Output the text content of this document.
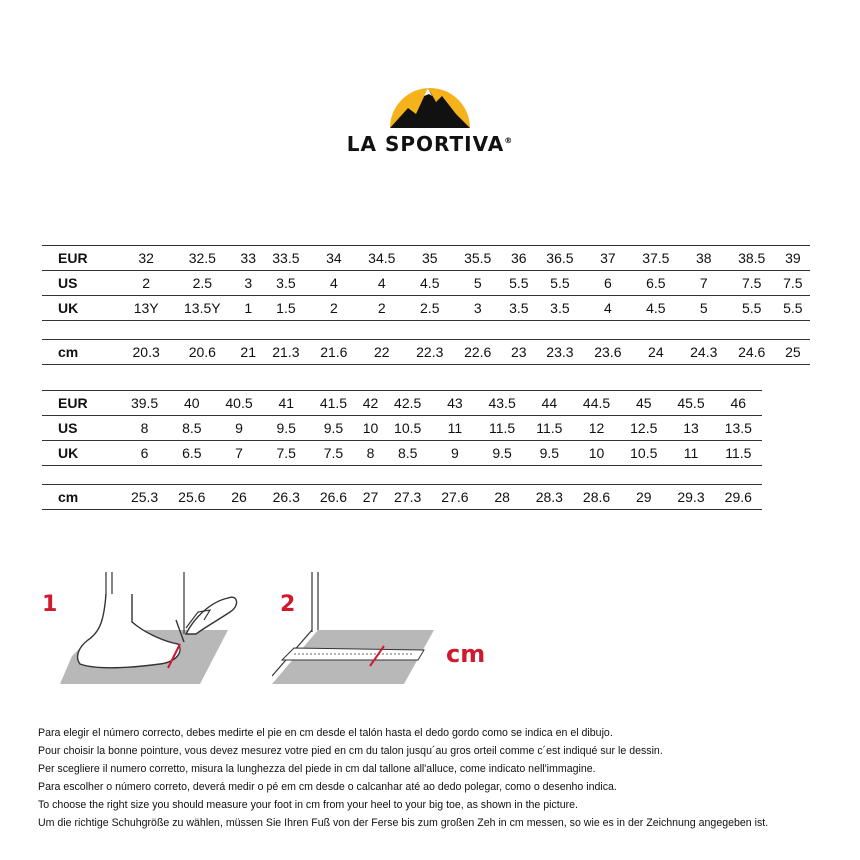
LA SPORTIVA®
EUR	32	32.5	33	33.5	34	34.5	35	35.5	36	36.5	37	37.5	38	38.5	39
US	2	2.5	3	3.5	4	4	4.5	5	5.5	5.5	6	6.5	7	7.5	7.5
UK	13Y	13.5Y	1	1.5	2	2	2.5	3	3.5	3.5	4	4.5	5	5.5	5.5

cm	20.3	20.6	21	21.3	21.6	22	22.3	22.6	23	23.3	23.6	24	24.3	24.6	25
EUR	39.5	40	40.5	41	41.5	42	42.5	43	43.5	44	44.5	45	45.5	46
US	8	8.5	9	9.5	9.5	10	10.5	11	11.5	11.5	12	12.5	13	13.5
UK	6	6.5	7	7.5	7.5	8	8.5	9	9.5	9.5	10	10.5	11	11.5

cm	25.3	25.6	26	26.3	26.6	27	27.3	27.6	28	28.3	28.6	29	29.3	29.6
1	2
cm

Para elegir el número correcto, debes medirte el pie en cm desde el talón hasta el dedo gordo como se indica en el dibujo.

Pour choisir la bonne pointure, vous devez mesurez votre pied en cm du talon jusqu´au gros orteil comme c´est indiqué sur le dessin.

Per scegliere il numero corretto, misura la lunghezza del piede in cm dal tallone all'alluce, come indicato nell'immagine.

Para escolher o número correto, deverá medir o pé em cm desde o calcanhar até ao dedo polegar, como o desenho indica.

To choose the right size you should measure your foot in cm from your heel to your big toe, as shown in the picture.

Um die richtige Schuhgröße zu wählen, müssen Sie Ihren Fuß von der Ferse bis zum großen Zeh in cm messen, so wie es in der Zeichnung angegeben ist.
